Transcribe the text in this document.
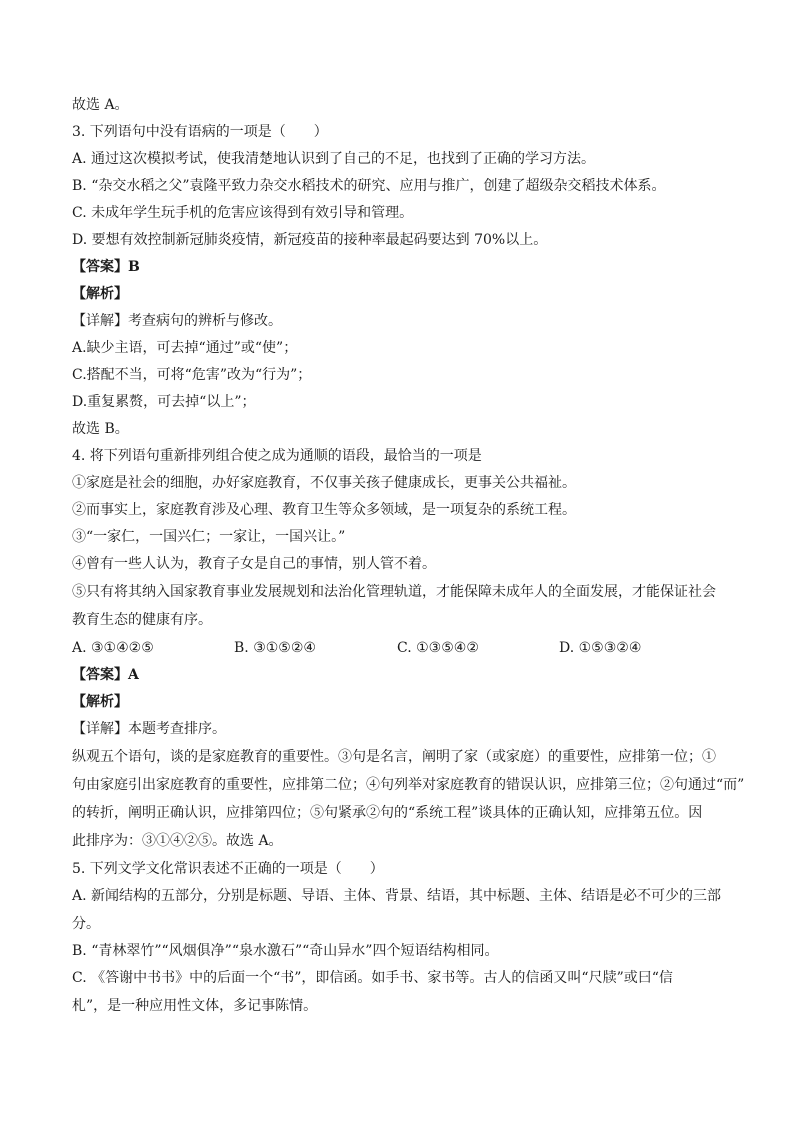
故选 A。
3. 下列语句中没有语病的一项是（　　）
A. 通过这次模拟考试，使我清楚地认识到了自己的不足，也找到了正确的学习方法。
B. “杂交水稻之父”袁隆平致力杂交水稻技术的研究、应用与推广，创建了超级杂交稻技术体系。
C. 未成年学生玩手机的危害应该得到有效引导和管理。
D. 要想有效控制新冠肺炎疫情，新冠疫苗的接种率最起码要达到 70%以上。
【答案】B
【解析】
【详解】考查病句的辨析与修改。
A.缺少主语，可去掉“通过”或“使”；
C.搭配不当，可将“危害”改为“行为”；
D.重复累赘，可去掉“以上”；
故选 B。
4. 将下列语句重新排列组合使之成为通顺的语段，最恰当的一项是
①家庭是社会的细胞，办好家庭教育，不仅事关孩子健康成长，更事关公共福祉。
②而事实上，家庭教育涉及心理、教育卫生等众多领域，是一项复杂的系统工程。
③“一家仁，一国兴仁；一家让，一国兴让。”
④曾有一些人认为，教育子女是自己的事情，别人管不着。
⑤只有将其纳入国家教育事业发展规划和法治化管理轨道，才能保障未成年人的全面发展，才能保证社会
教育生态的健康有序。
A. ③①④②⑤	B. ③①⑤②④	C. ①③⑤④②	D. ①⑤③②④
【答案】A
【解析】
【详解】本题考查排序。
纵观五个语句，谈的是家庭教育的重要性。③句是名言，阐明了家（或家庭）的重要性，应排第一位；①
句由家庭引出家庭教育的重要性，应排第二位；④句列举对家庭教育的错误认识，应排第三位；②句通过“而”
的转折，阐明正确认识，应排第四位；⑤句紧承②句的“系统工程”谈具体的正确认知，应排第五位。因
此排序为：③①④②⑤。故选 A。
5. 下列文学文化常识表述不正确的一项是（　　）
A. 新闻结构的五部分，分别是标题、导语、主体、背景、结语，其中标题、主体、结语是必不可少的三部
分。
B. “青林翠竹”“风烟俱净”“泉水激石”“奇山异水”四个短语结构相同。
C. 《答谢中书书》中的后面一个“书”，即信函。如手书、家书等。古人的信函又叫“尺牍”或曰“信
札”，是一种应用性文体，多记事陈情。
